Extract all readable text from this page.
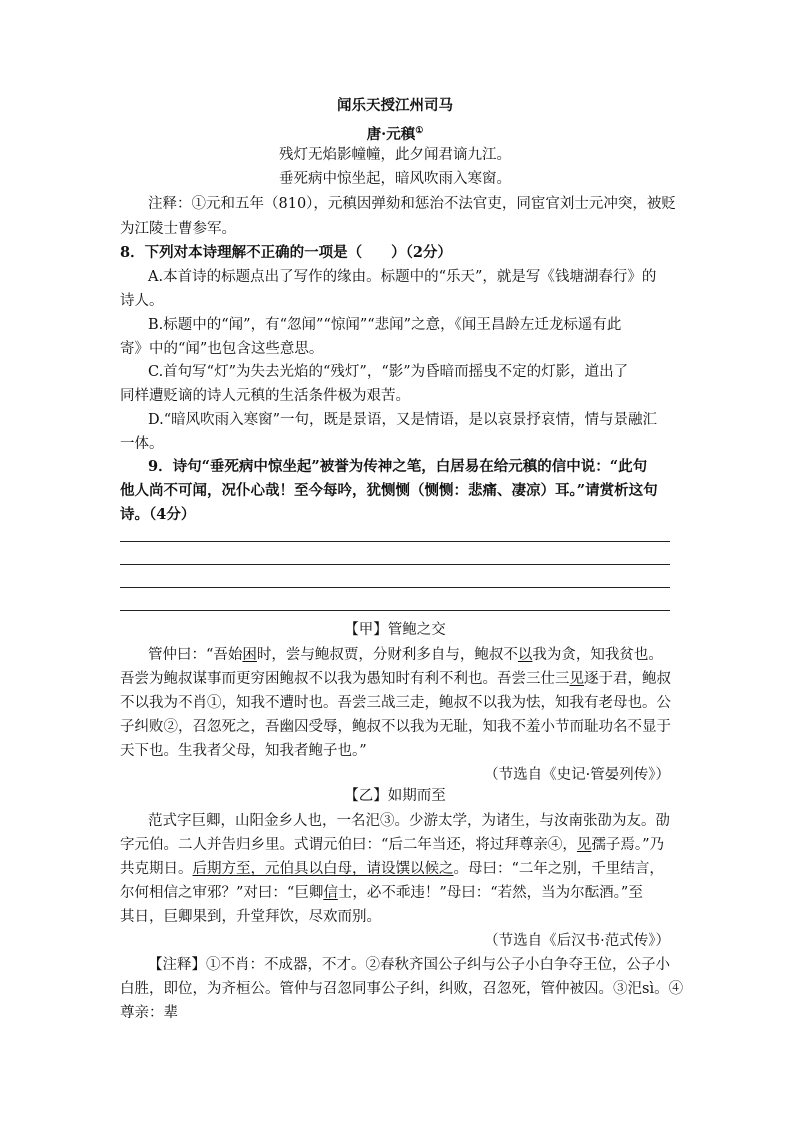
闻乐天授江州司马
唐·元稹①
残灯无焰影幢幢，此夕闻君谪九江。
垂死病中惊坐起，暗风吹雨入寒窗。
注释：①元和五年（810），元稹因弹劾和惩治不法官吏，同宦官刘士元冲突，被贬
为江陵士曹参军。
8．下列对本诗理解不正确的一项是（　　）（2分）
A.本首诗的标题点出了写作的缘由。标题中的“乐天”，就是写《钱塘湖春行》的
诗人。
B.标题中的“闻”，有“忽闻”“惊闻”“悲闻”之意，《闻王昌龄左迁龙标遥有此
寄》中的“闻”也包含这些意思。
C.首句写“灯”为失去光焰的“残灯”，“影”为昏暗而摇曳不定的灯影，道出了
同样遭贬谪的诗人元稹的生活条件极为艰苦。
D.“暗风吹雨入寒窗”一句，既是景语，又是情语，是以哀景抒哀情，情与景融汇
一体。
9．诗句“垂死病中惊坐起”被誉为传神之笔，白居易在给元稹的信中说：“此句
他人尚不可闻，况仆心哉！至今每吟，犹恻恻（恻恻：悲痛、凄凉）耳。”请赏析这句
诗。（4分）
【甲】管鲍之交
管仲曰：“吾始困时，尝与鲍叔贾，分财利多自与，鲍叔不以我为贪，知我贫也。
吾尝为鲍叔谋事而更穷困鲍叔不以我为愚知时有利不利也。吾尝三仕三见逐于君，鲍叔
不以我为不肖①，知我不遭时也。吾尝三战三走，鲍叔不以我为怯，知我有老母也。公
子纠败②，召忽死之，吾幽囚受辱，鲍叔不以我为无耻，知我不羞小节而耻功名不显于
天下也。生我者父母，知我者鲍子也。”
（节选自《史记·管晏列传》）
【乙】如期而至
范式字巨卿，山阳金乡人也，一名汜③。少游太学，为诸生，与汝南张劭为友。劭
字元伯。二人并告归乡里。式谓元伯曰：“后二年当还，将过拜尊亲④，见孺子焉。”乃
共克期日。后期方至，元伯具以白母，请设馔以候之。母曰：“二年之别，千里结言，
尔何相信之审邪？”对曰：“巨卿信士，必不乖违！”母曰：“若然，当为尔酝酒。”至
其日，巨卿果到，升堂拜饮，尽欢而别。
（节选自《后汉书·范式传》）
【注释】①不肖：不成器，不才。②春秋齐国公子纠与公子小白争夺王位，公子小
白胜，即位，为齐桓公。管仲与召忽同事公子纠，纠败，召忽死，管仲被囚。③汜sì。④
尊亲：辈
